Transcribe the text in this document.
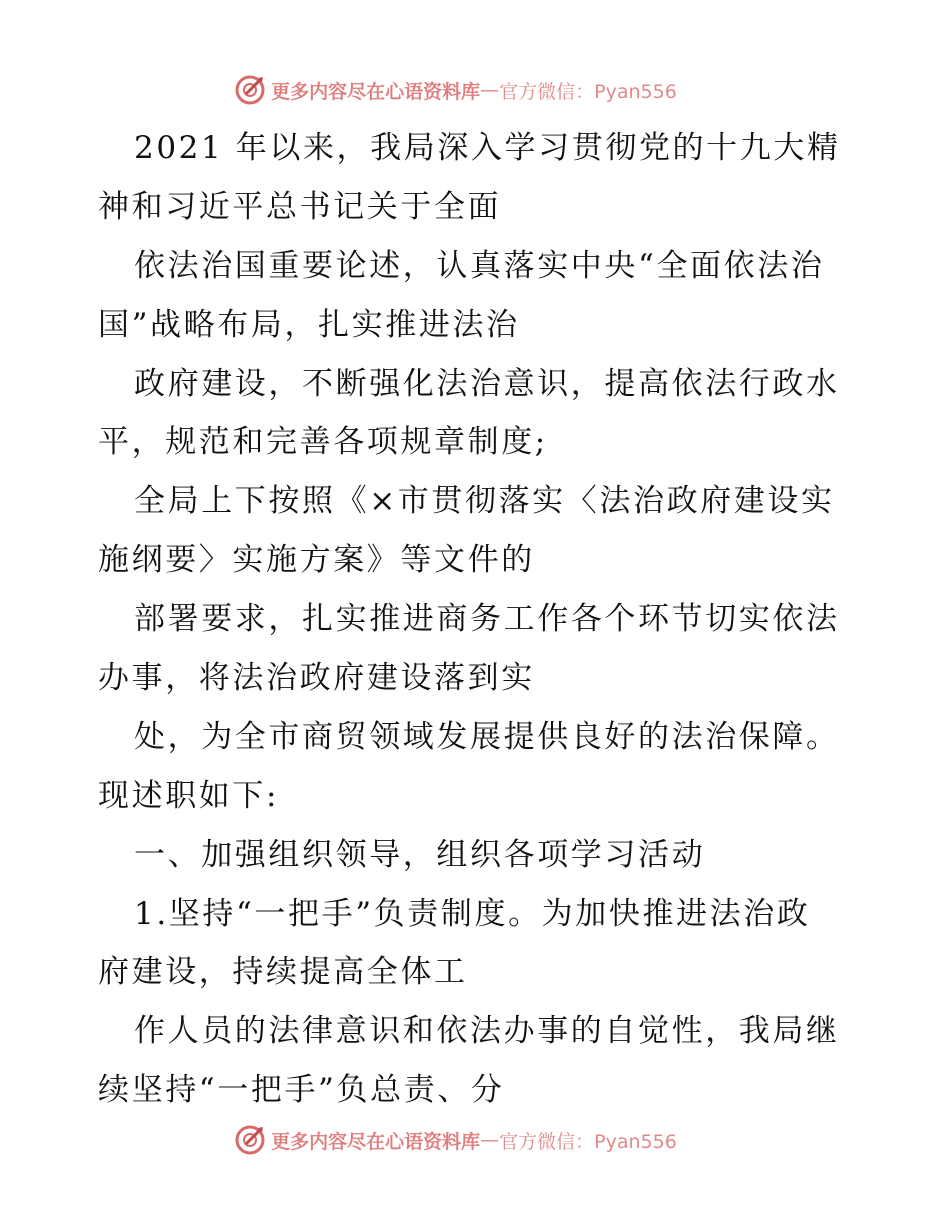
更多内容尽在心语资料库 — 官方微信：Pyan556
2021 年以来，我局深入学习贯彻党的十九大精
神和习近平总书记关于全面
依法治国重要论述，认真落实中央“全面依法治
国”战略布局，扎实推进法治
政府建设，不断强化法治意识，提高依法行政水
平，规范和完善各项规章制度;
全局上下按照《×市贯彻落实〈法治政府建设实
施纲要〉实施方案》等文件的
部署要求，扎实推进商务工作各个环节切实依法
办事，将法治政府建设落到实
处，为全市商贸领域发展提供良好的法治保障。
现述职如下:
一、加强组织领导，组织各项学习活动
1.坚持“一把手”负责制度。为加快推进法治政
府建设，持续提高全体工
作人员的法律意识和依法办事的自觉性，我局继
续坚持“一把手”负总责、分
更多内容尽在心语资料库 — 官方微信：Pyan556
